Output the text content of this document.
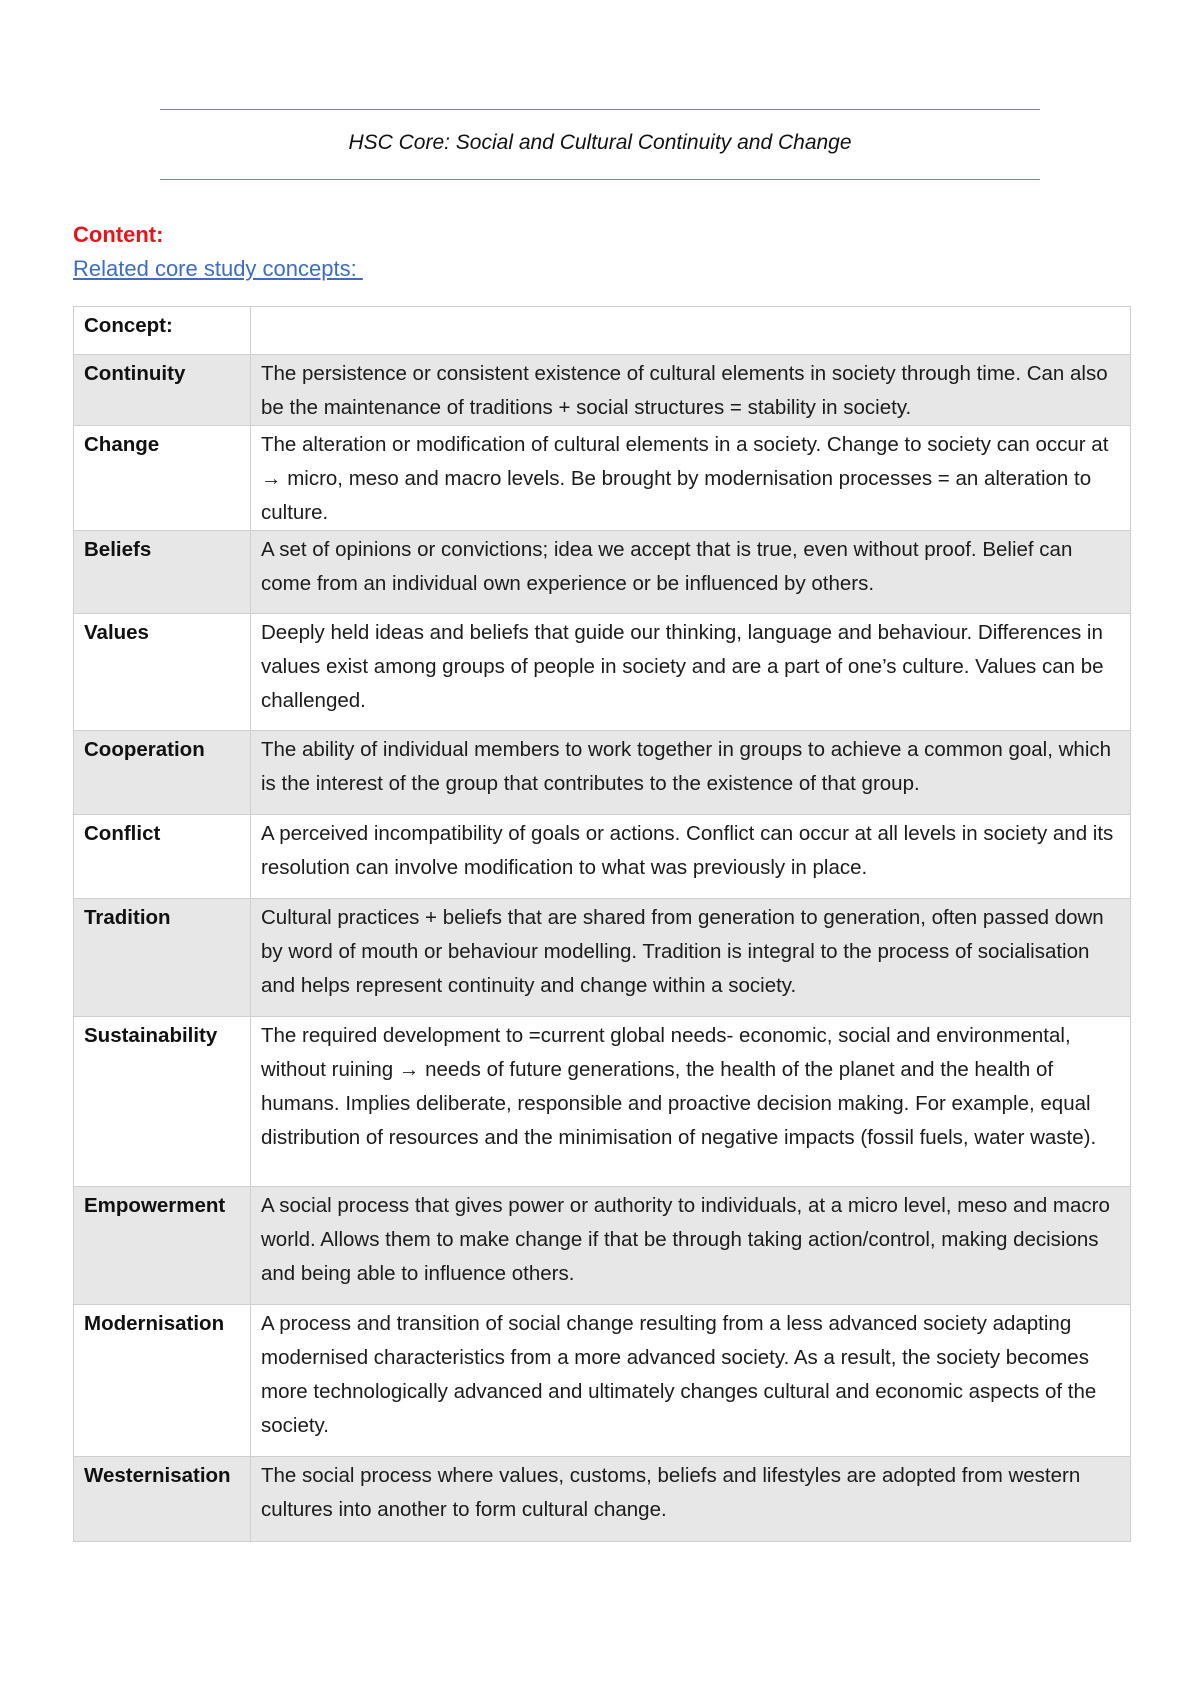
HSC Core: Social and Cultural Continuity and Change
Content:
Related core study concepts:
Concept:	
Continuity	The persistence or consistent existence of cultural elements in society through time. Can also be the maintenance of traditions + social structures = stability in society.
Change	The alteration or modification of cultural elements in a society. Change to society can occur at → micro, meso and macro levels. Be brought by modernisation processes = an alteration to culture.
Beliefs	A set of opinions or convictions; idea we accept that is true, even without proof. Belief can come from an individual own experience or be influenced by others.
Values	Deeply held ideas and beliefs that guide our thinking, language and behaviour. Differences in values exist among groups of people in society and are a part of one’s culture. Values can be challenged.
Cooperation	The ability of individual members to work together in groups to achieve a common goal, which is the interest of the group that contributes to the existence of that group.
Conflict	A perceived incompatibility of goals or actions. Conflict can occur at all levels in society and its resolution can involve modification to what was previously in place.
Tradition	Cultural practices + beliefs that are shared from generation to generation, often passed down by word of mouth or behaviour modelling. Tradition is integral to the process of socialisation and helps represent continuity and change within a society.
Sustainability	The required development to =current global needs- economic, social and environmental, without ruining → needs of future generations, the health of the planet and the health of humans. Implies deliberate, responsible and proactive decision making. For example, equal distribution of resources and the minimisation of negative impacts (fossil fuels, water waste).
Empowerment	A social process that gives power or authority to individuals, at a micro level, meso and macro world. Allows them to make change if that be through taking action/control, making decisions and being able to influence others.
Modernisation	A process and transition of social change resulting from a less advanced society adapting modernised characteristics from a more advanced society. As a result, the society becomes more technologically advanced and ultimately changes cultural and economic aspects of the society.
Westernisation	The social process where values, customs, beliefs and lifestyles are adopted from western cultures into another to form cultural change.
